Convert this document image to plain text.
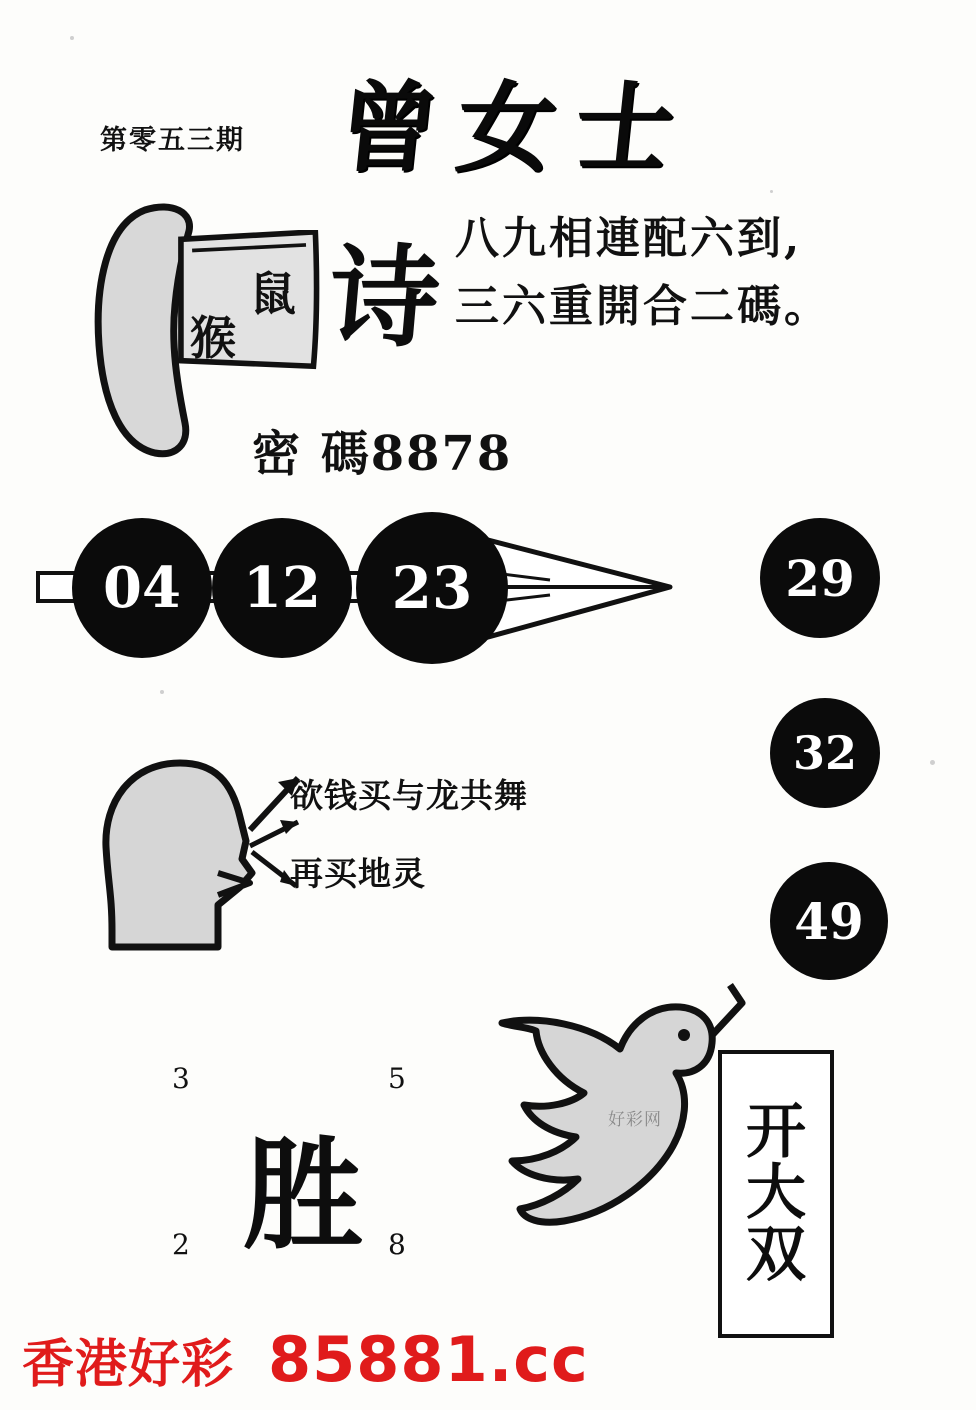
第零五三期 曾女士
鼠
猴 诗 八九相連配六到,
三六重開合二碼。
密 碼8878
04	12	23	29
32
49
欲钱买与龙共舞
再买地灵
3	5
胜
2	8
好彩网 开
大
双
香港好彩 85881.cc
